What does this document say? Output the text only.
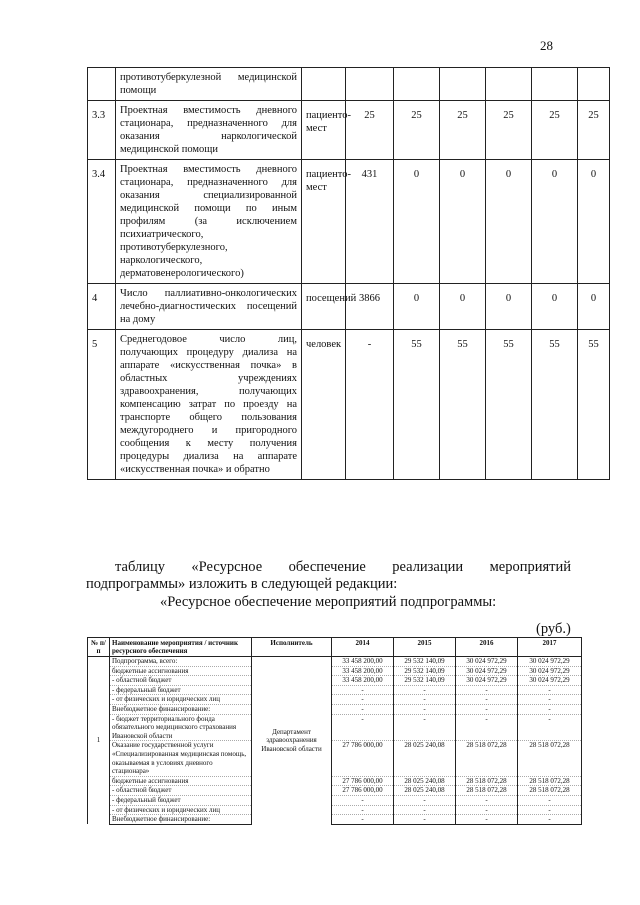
28
	противотуберкулезной медицинской помощи							
3.3	Проектная вместимость дневного стационара, предназначенного для оказания наркологической медицинской помощи	пациенто-мест	25	25	25	25	25	25
3.4	Проектная вместимость дневного стационара, предназначенного для оказания специализированной медицинской помощи по иным профилям (за исключением психиатрического, противотуберкулезного, наркологического, дерматовенерологического)	пациенто-мест	431	0	0	0	0	0
4	Число паллиативно-онкологических лечебно-диагностических посещений на дому	посещений	3866	0	0	0	0	0
5	Среднегодовое число лиц, получающих процедуру диализа на аппарате «искусственная почка» в областных учреждениях здравоохранения, получающих компенсацию затрат по проезду на транспорте общего пользования междугороднего и пригородного сообщения к месту получения процедуры диализа на аппарате «искусственная почка» и обратно	человек	-	55	55	55	55	55
таблицу «Ресурсное обеспечение реализации мероприятий
подпрограммы» изложить в следующей редакции:
«Ресурсное обеспечение мероприятий подпрограммы:
(руб.)
№ п/п	Наименование мероприятия / источник ресурсного обеспечения	Исполнитель	2014	2015	2016	2017
1	Подпрограмма, всего:	Департамент здравоохранения Ивановской области	33 458 200,00	29 532 140,09	30 024 972,29	30 024 972,29
	бюджетные ассигнования		33 458 200,00	29 532 140,09	30 024 972,29	30 024 972,29
	- областной бюджет		33 458 200,00	29 532 140,09	30 024 972,29	30 024 972,29
	- федеральный бюджет		-	-	-	-
	- от физических и юридических лиц		-	-	-	-
	Внебюджетное финансирование:		-	-	-	-
	- бюджет территориального фонда обязательного медицинского страхования Ивановской области		-	-	-	-
	Оказание государственной услуги «Специализированная медицинская помощь, оказываемая в условиях дневного стационара»		27 786 000,00	28 025 240,08	28 518 072,28	28 518 072,28
	бюджетные ассигнования		27 786 000,00	28 025 240,08	28 518 072,28	28 518 072,28
	- областной бюджет		27 786 000,00	28 025 240,08	28 518 072,28	28 518 072,28
	- федеральный бюджет		-	-	-	-
	- от физических и юридических лиц		-	-	-	-
	Внебюджетное финансирование:		-	-	-	-
